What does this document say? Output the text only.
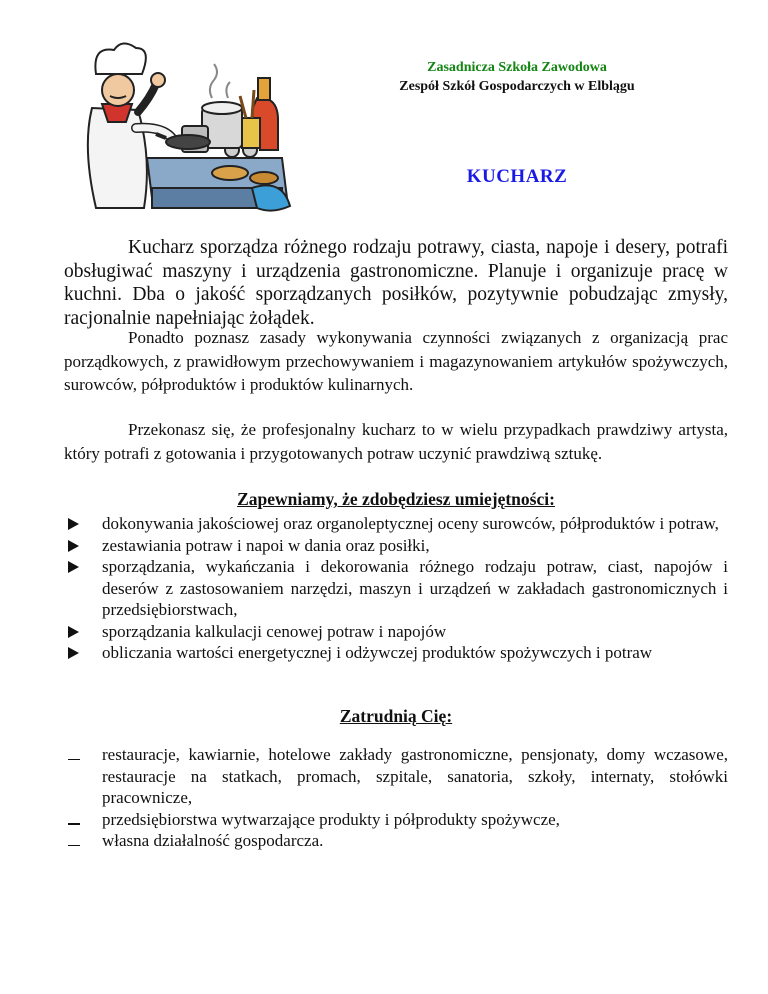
Zasadnicza Szkoła Zawodowa
Zespół Szkół Gospodarczych w Elblągu
KUCHARZ

Kucharz sporządza różnego rodzaju potrawy, ciasta, napoje i desery, potrafi obsługiwać maszyny i urządzenia gastronomiczne. Planuje i organizuje pracę w kuchni. Dba o jakość sporządzanych posiłków, pozytywnie pobudzając zmysły, racjonalnie napełniając żołądek.

Ponadto poznasz zasady wykonywania czynności związanych z organizacją prac porządkowych, z prawidłowym przechowywaniem i magazynowaniem artykułów spożywczych, surowców, półproduktów i produktów kulinarnych.

Przekonasz się, że profesjonalny kucharz to w wielu przypadkach prawdziwy artysta, który potrafi z gotowania i przygotowanych potraw uczynić prawdziwą sztukę.

Zapewniamy, że zdobędziesz umiejętności:
dokonywania jakościowej oraz organoleptycznej oceny surowców, półproduktów i potraw,
zestawiania potraw i napoi w dania oraz posiłki,
sporządzania, wykańczania i dekorowania różnego rodzaju potraw, ciast, napojów i deserów z zastosowaniem narzędzi, maszyn i urządzeń w zakładach gastronomicznych i przedsiębiorstwach,
sporządzania kalkulacji cenowej potraw i napojów
obliczania wartości energetycznej i odżywczej produktów spożywczych i potraw
Zatrudnią Cię:
restauracje, kawiarnie, hotelowe zakłady gastronomiczne, pensjonaty, domy wczasowe, restauracje na statkach, promach, szpitale, sanatoria, szkoły, internaty, stołówki pracownicze,
przedsiębiorstwa wytwarzające produkty i półprodukty spożywcze,
własna działalność gospodarcza.
